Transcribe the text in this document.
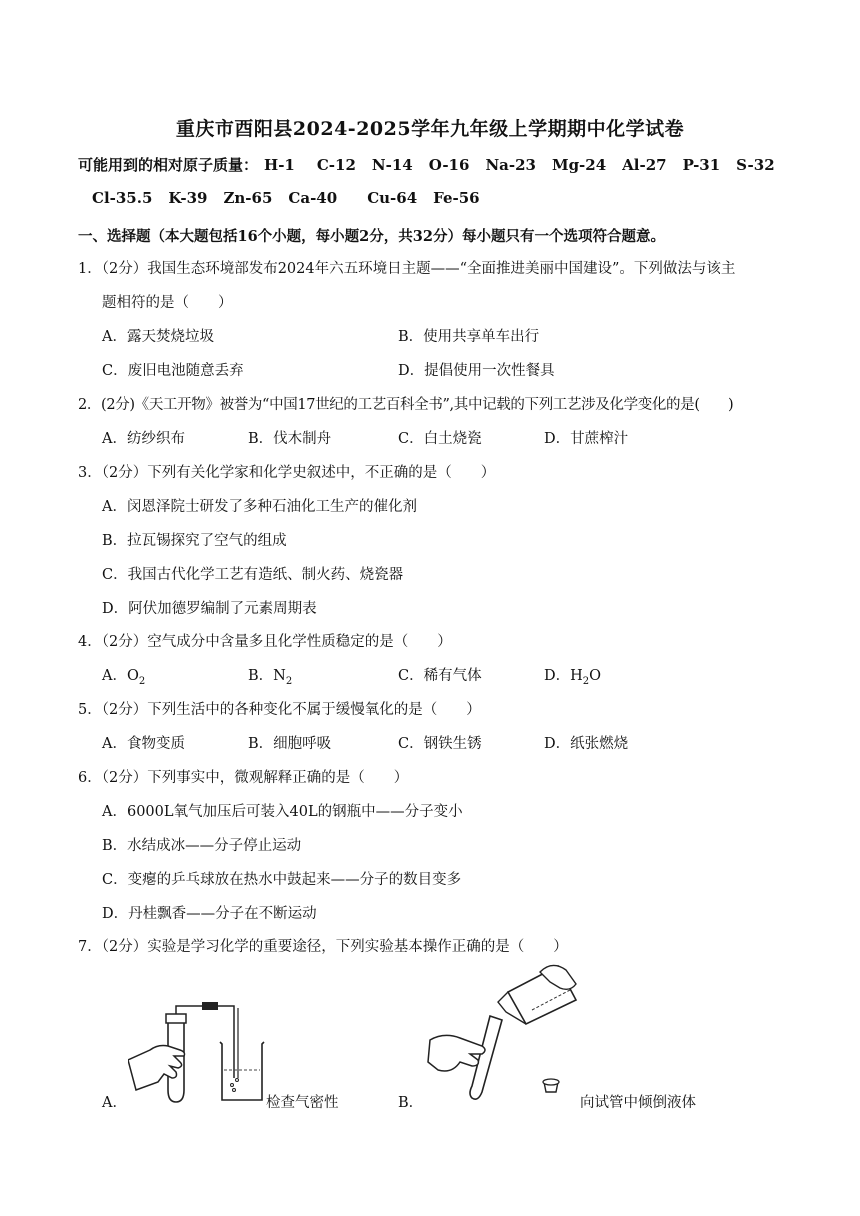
重庆市酉阳县2024-2025学年九年级上学期期中化学试卷
可能用到的相对原子质量： H-1 C-12 N-14 O-16 Na-23 Mg-24 Al-27 P-31 S-32
Cl-35.5 K-39 Zn-65 Ca-40 Cu-64 Fe-56
一、选择题（本大题包括16个小题，每小题2分，共32分）每小题只有一个选项符合题意。
1．（2分）我国生态环境部发布2024年六五环境日主题——“全面推进美丽中国建设”。下列做法与该主
题相符的是（　　）
A．露天焚烧垃圾	B．使用共享单车出行
C．废旧电池随意丢弃	D．提倡使用一次性餐具
2．(2分)《天工开物》被誉为“中国17世纪的工艺百科全书”,其中记载的下列工艺涉及化学变化的是(　　)
A．纺纱织布	B．伐木制舟	C．白土烧瓷	D．甘蔗榨汁
3．（2分）下列有关化学家和化学史叙述中，不正确的是（　　）
A．闵恩泽院士研发了多种石油化工生产的催化剂
B．拉瓦锡探究了空气的组成
C．我国古代化学工艺有造纸、制火药、烧瓷器
D．阿伏加德罗编制了元素周期表
4．（2分）空气成分中含量多且化学性质稳定的是（　　）
A．$O_2$	B．$N_2$	C．稀有气体	D．$H_2O$
5．（2分）下列生活中的各种变化不属于缓慢氧化的是（　　）
A．食物变质	B．细胞呼吸	C．钢铁生锈	D．纸张燃烧
6．（2分）下列事实中，微观解释正确的是（　　）
A．6000L氧气加压后可装入40L的钢瓶中——分子变小
B．水结成冰——分子停止运动
C．变瘪的乒乓球放在热水中鼓起来——分子的数目变多
D．丹桂飘香——分子在不断运动
7．（2分）实验是学习化学的重要途径，下列实验基本操作正确的是（　　）
A．	检查气密性	B．	向试管中倾倒液体
